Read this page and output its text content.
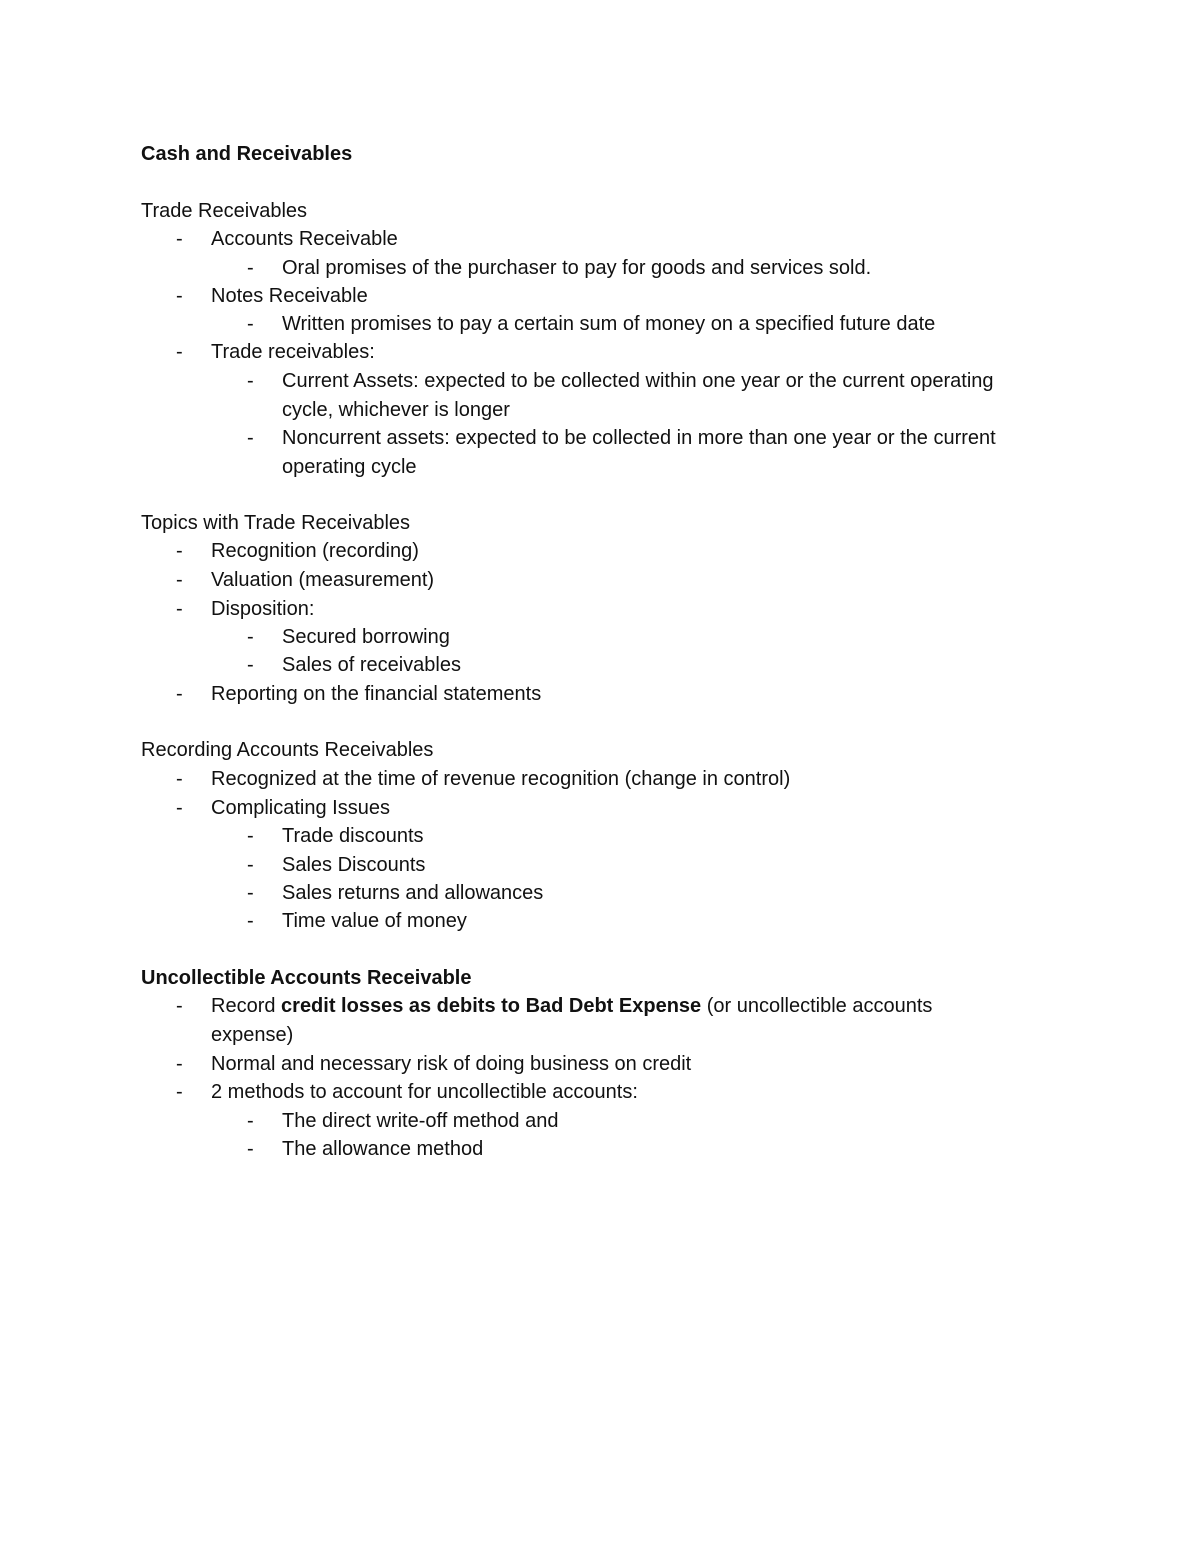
Cash and Receivables
Trade Receivables
- Accounts Receivable
- Oral promises of the purchaser to pay for goods and services sold.
- Notes Receivable
- Written promises to pay a certain sum of money on a specified future date
- Trade receivables:
- Current Assets: expected to be collected within one year or the current operating
cycle, whichever is longer
- Noncurrent assets: expected to be collected in more than one year or the current
operating cycle
Topics with Trade Receivables
- Recognition (recording)
- Valuation (measurement)
- Disposition:
- Secured borrowing
- Sales of receivables
- Reporting on the financial statements
Recording Accounts Receivables
- Recognized at the time of revenue recognition (change in control)
- Complicating Issues
- Trade discounts
- Sales Discounts
- Sales returns and allowances
- Time value of money
Uncollectible Accounts Receivable
- Record credit losses as debits to Bad Debt Expense (or uncollectible accounts
expense)
- Normal and necessary risk of doing business on credit
- 2 methods to account for uncollectible accounts:
- The direct write-off method and
- The allowance method
